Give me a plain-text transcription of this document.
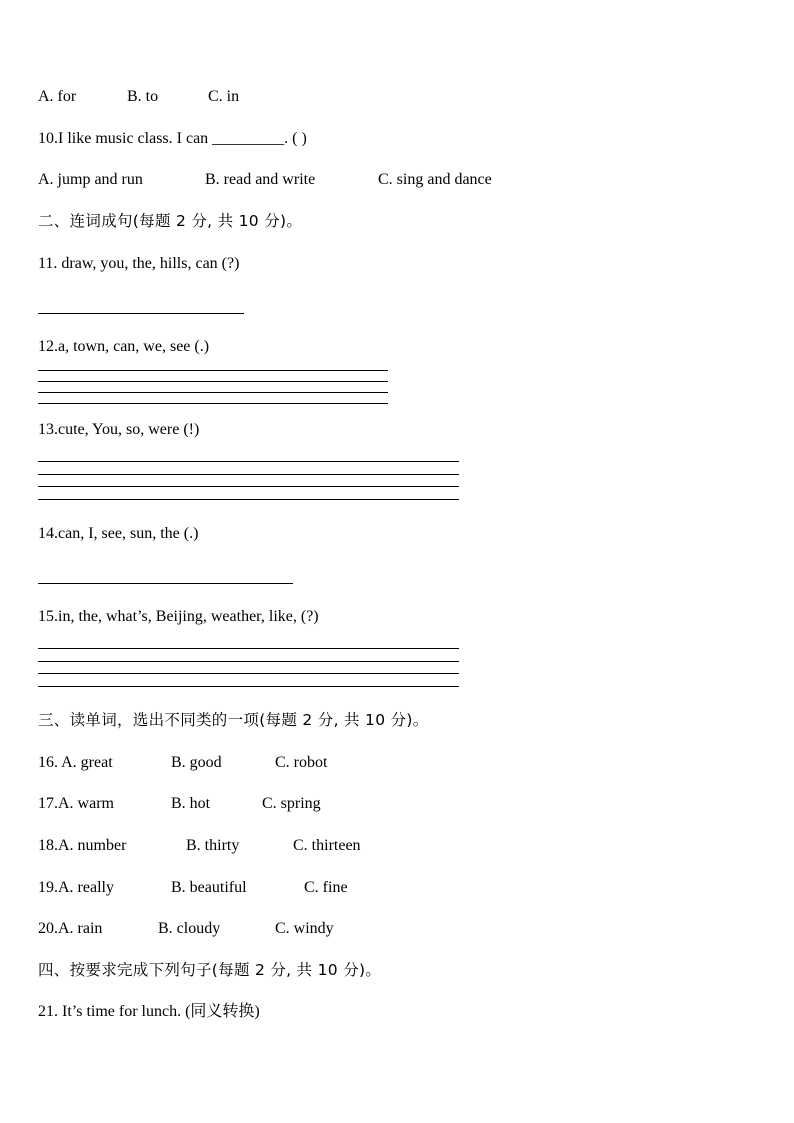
A. for	B. to	C. in
10.I like music class. I can _________. ( )
A. jump and run	B. read and write	C. sing and dance
二、连词成句(每题 2 分, 共 10 分)。
11. draw, you, the, hills, can (?)
12.a, town, can, we, see (.)
13.cute, You, so, were (!)
14.can, I, see, sun, the (.)
15.in, the, what’s, Beijing, weather, like, (?)
三、读单词，选出不同类的一项(每题 2 分, 共 10 分)。
16. A. great	B. good	C. robot
17.A. warm	B. hot	C. spring
18.A. number	B. thirty	C. thirteen
19.A. really	B. beautiful	C. fine
20.A. rain	B. cloudy	C. windy
四、按要求完成下列句子(每题 2 分, 共 10 分)。
21. It’s time for lunch. (同义转换)
